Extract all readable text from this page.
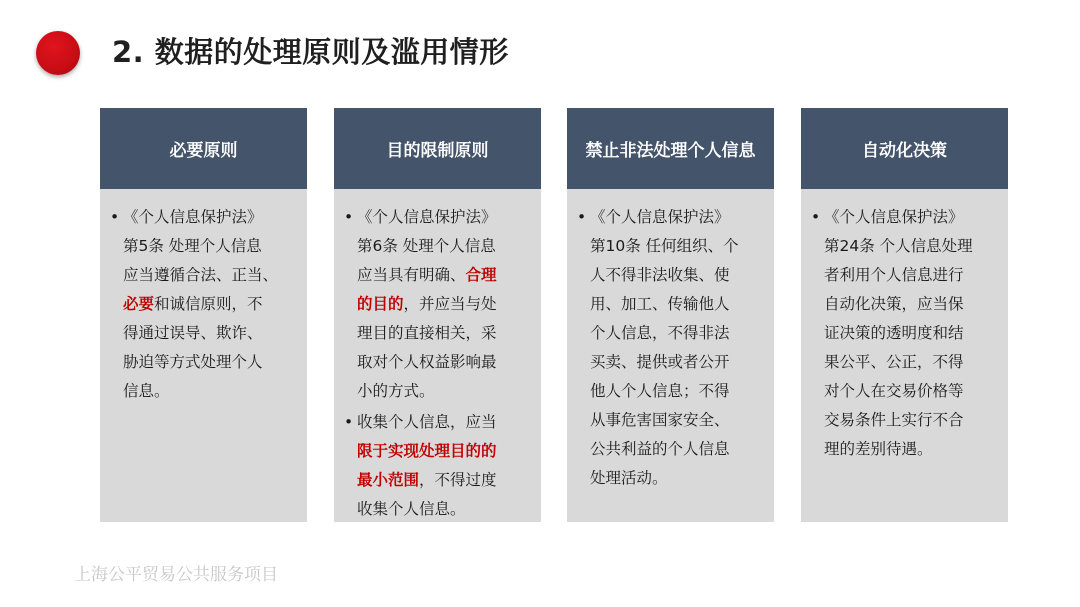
2. 数据的处理原则及滥用情形
必要原则
• 《个人信息保护法》
第5条 处理个人信息
应当遵循合法、正当、
必要和诚信原则，不
得通过误导、欺诈、
胁迫等方式处理个人
信息。
目的限制原则
• 《个人信息保护法》
第6条 处理个人信息
应当具有明确、合理
的目的，并应当与处
理目的直接相关，采
取对个人权益影响最
小的方式。
• 收集个人信息，应当
限于实现处理目的的
最小范围，不得过度
收集个人信息。
禁止非法处理个人信息
• 《个人信息保护法》
第10条 任何组织、个
人不得非法收集、使
用、加工、传输他人
个人信息，不得非法
买卖、提供或者公开
他人个人信息；不得
从事危害国家安全、
公共利益的个人信息
处理活动。
自动化决策
• 《个人信息保护法》
第24条 个人信息处理
者利用个人信息进行
自动化决策，应当保
证决策的透明度和结
果公平、公正，不得
对个人在交易价格等
交易条件上实行不合
理的差别待遇。
上海公平贸易公共服务项目
